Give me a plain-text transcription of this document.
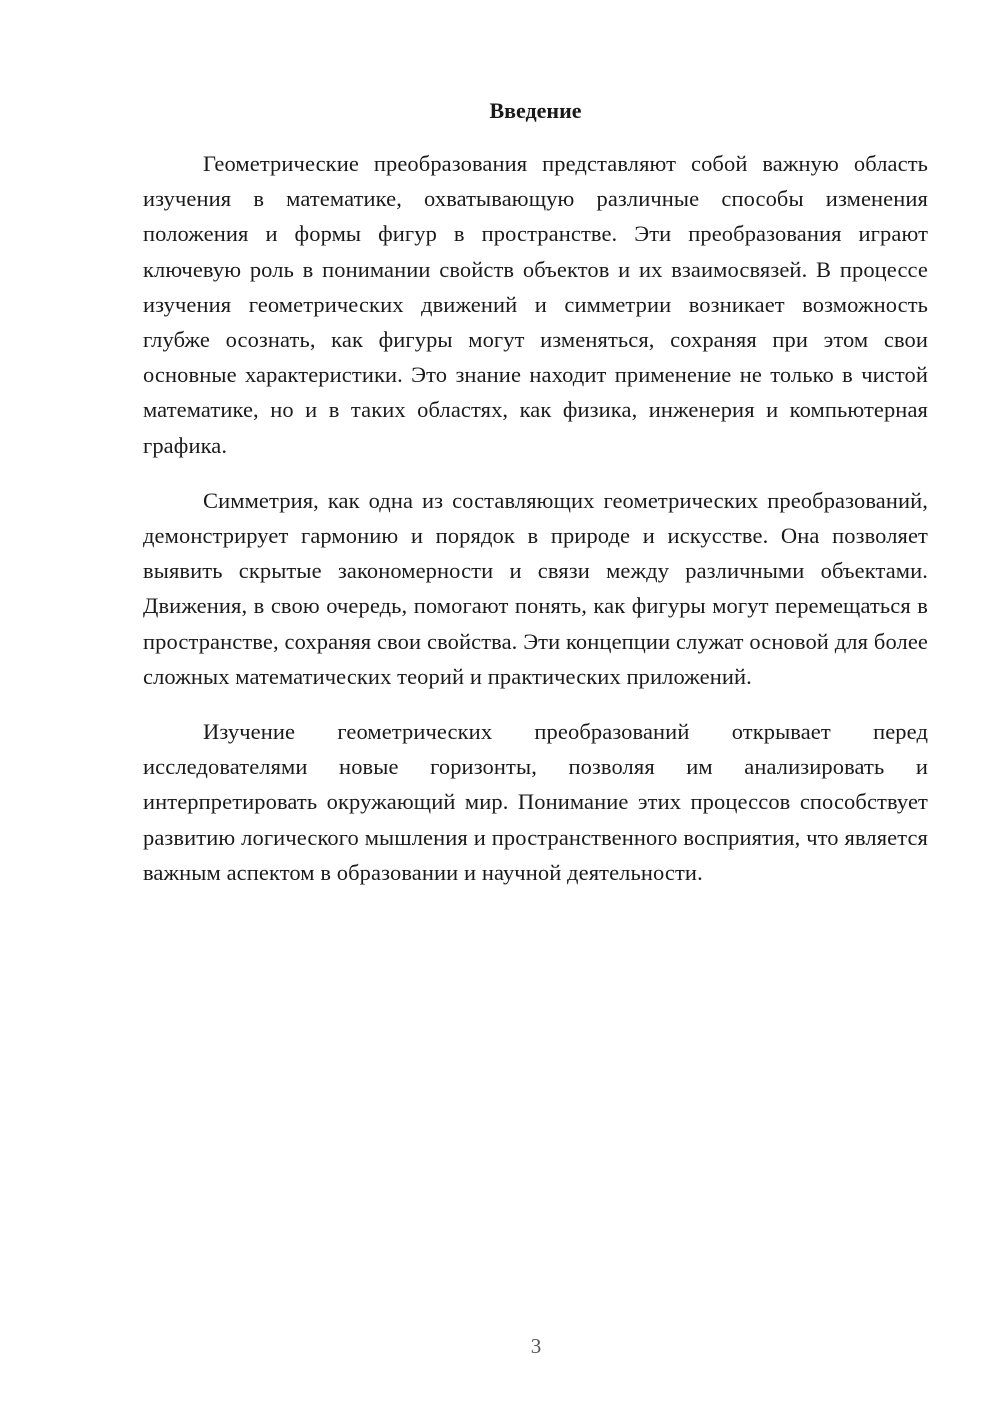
Введение

Геометрические преобразования представляют собой важную область изучения в математике, охватывающую различные способы изменения положения и формы фигур в пространстве. Эти преобразования играют ключевую роль в понимании свойств объектов и их взаимосвязей. В процессе изучения геометрических движений и симметрии возникает возможность глубже осознать, как фигуры могут изменяться, сохраняя при этом свои основные характеристики. Это знание находит применение не только в чистой математике, но и в таких областях, как физика, инженерия и компьютерная графика.

Симметрия, как одна из составляющих геометрических преобразований, демонстрирует гармонию и порядок в природе и искусстве. Она позволяет выявить скрытые закономерности и связи между различными объектами. Движения, в свою очередь, помогают понять, как фигуры могут перемещаться в пространстве, сохраняя свои свойства. Эти концепции служат основой для более сложных математических теорий и практических приложений.

Изучение геометрических преобразований открывает перед исследователями новые горизонты, позволяя им анализировать и интерпретировать окружающий мир. Понимание этих процессов способствует развитию логического мышления и пространственного восприятия, что является важным аспектом в образовании и научной деятельности.

3
